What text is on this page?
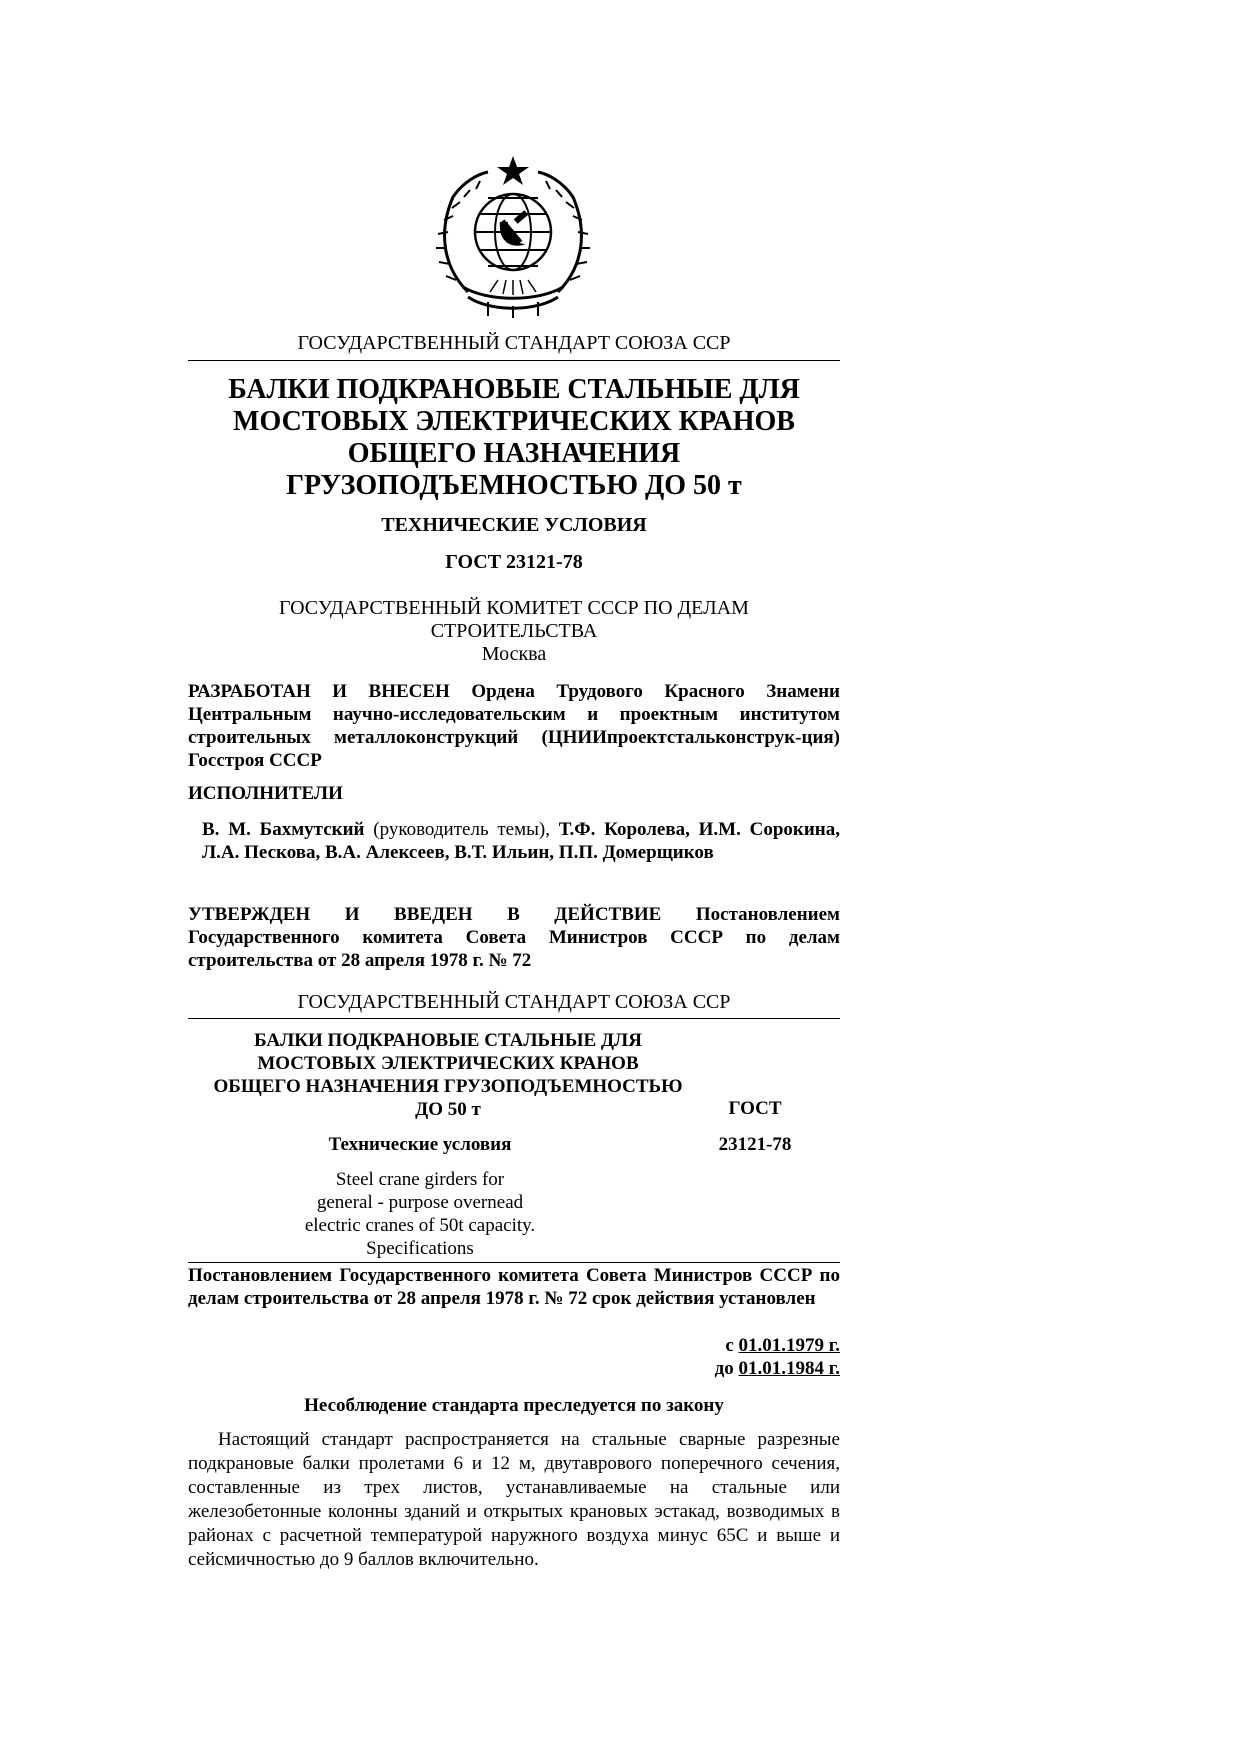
ГОСУДАРСТВЕННЫЙ СТАНДАРТ СОЮЗА ССР
БАЛКИ ПОДКРАНОВЫЕ СТАЛЬНЫЕ ДЛЯ
МОСТОВЫХ ЭЛЕКТРИЧЕСКИХ КРАНОВ
ОБЩЕГО НАЗНАЧЕНИЯ
ГРУЗОПОДЪЕМНОСТЬЮ ДО 50 т
ТЕХНИЧЕСКИЕ УСЛОВИЯ
ГОСТ 23121-78
ГОСУДАРСТВЕННЫЙ КОМИТЕТ СССР ПО ДЕЛАМ
СТРОИТЕЛЬСТВА
Москва
РАЗРАБОТАН И ВНЕСЕН Ордена Трудового Красного Знамени Центральным научно-исследовательским и проектным институтом строительных металлоконструкций (ЦНИИпроектстальконструк-ция) Госстроя СССР
ИСПОЛНИТЕЛИ
В. М. Бахмутский (руководитель темы), Т.Ф. Королева, И.М. Сорокина, Л.А. Пескова, В.А. Алексеев, В.Т. Ильин, П.П. Домерщиков
УТВЕРЖДЕН И ВВЕДЕН В ДЕЙСТВИЕ Постановлением Государственного комитета Совета Министров СССР по делам строительства от 28 апреля 1978 г. № 72
ГОСУДАРСТВЕННЫЙ СТАНДАРТ СОЮЗА ССР
БАЛКИ ПОДКРАНОВЫЕ СТАЛЬНЫЕ ДЛЯ
МОСТОВЫХ ЭЛЕКТРИЧЕСКИХ КРАНОВ
ОБЩЕГО НАЗНАЧЕНИЯ ГРУЗОПОДЪЕМНОСТЬЮ
ДО 50 т	ГОСТ
Технические условия	23121-78
Steel crane girders for
general - purpose overnead
electric cranes of 50t capacity.
Specifications
Постановлением Государственного комитета Совета Министров СССР по делам строительства от 28 апреля 1978 г. № 72 срок действия установлен
с 01.01.1979 г.
до 01.01.1984 г.
Несоблюдение стандарта преследуется по закону
Настоящий стандарт распространяется на стальные сварные разрезные подкрановые балки пролетами 6 и 12 м, двутаврового поперечного сечения, составленные из трех листов, устанавливаемые на стальные или железобетонные колонны зданий и открытых крановых эстакад, возводимых в районах с расчетной температурой наружного воздуха минус 65С и выше и сейсмичностью до 9 баллов включительно.
